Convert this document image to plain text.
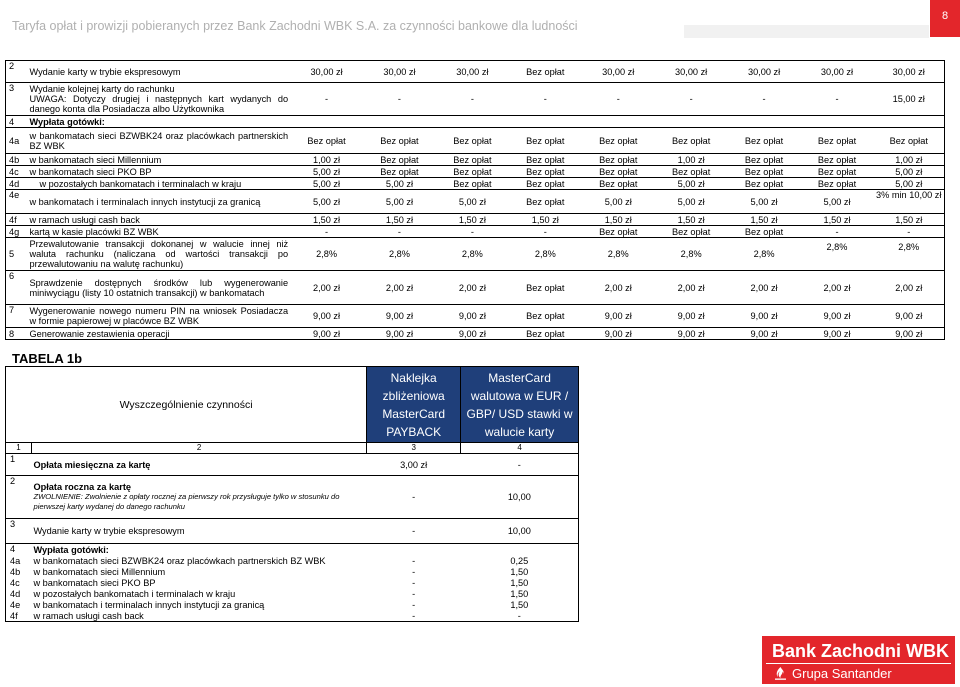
Taryfa opłat i prowizji pobieranych przez Bank Zachodni WBK S.A. za czynności bankowe dla ludności
8
2	Wydanie karty w trybie ekspresowym	30,00 zł	30,00 zł	30,00 zł	Bez opłat	30,00 zł	30,00 zł	30,00 zł	30,00 zł	30,00 zł
3	Wydanie kolejnej karty do rachunku
UWAGA: Dotyczy drugiej i następnych kart wydanych do danego konta dla Posiadacza albo Użytkownika	-	-	-	-	-	-	-	-	15,00 zł
4	Wypłata gotówki:									
4a	w bankomatach sieci BZWBK24 oraz placówkach partnerskich BZ WBK	Bez opłat	Bez opłat	Bez opłat	Bez opłat	Bez opłat	Bez opłat	Bez opłat	Bez opłat	Bez opłat
4b	w bankomatach sieci Millennium	1,00 zł	Bez opłat	Bez opłat	Bez opłat	Bez opłat	1,00 zł	Bez opłat	Bez opłat	1,00 zł
4c	w bankomatach sieci PKO BP	5,00 zł	Bez opłat	Bez opłat	Bez opłat	Bez opłat	Bez opłat	Bez opłat	Bez opłat	5,00 zł
4d	w pozostałych bankomatach i terminalach w kraju	5,00 zł	5,00 zł	Bez opłat	Bez opłat	Bez opłat	5,00 zł	Bez opłat	Bez opłat	5,00 zł
4e	w bankomatach i terminalach innych instytucji za granicą	5,00 zł	5,00 zł	5,00 zł	Bez opłat	5,00 zł	5,00 zł	5,00 zł	5,00 zł	3% min 10,00 zł
4f	w ramach usługi cash back	1,50 zł	1,50 zł	1,50 zł	1,50 zł	1,50 zł	1,50 zł	1,50 zł	1,50 zł	1,50 zł
4g	kartą w kasie placówki BZ WBK	-	-	-	-	Bez opłat	Bez opłat	Bez opłat	-	-
5	Przewalutowanie transakcji dokonanej w walucie innej niż waluta rachunku (naliczana od wartości transakcji po przewalutowaniu na walutę rachunku)	2,8%	2,8%	2,8%	2,8%	2,8%	2,8%	2,8%	2,8%	2,8%
6	Sprawdzenie dostępnych środków lub wygenerowanie miniwyciągu (listy 10 ostatnich transakcji) w bankomatach	2,00 zł	2,00 zł	2,00 zł	Bez opłat	2,00 zł	2,00 zł	2,00 zł	2,00 zł	2,00 zł
7	Wygenerowanie nowego numeru PIN na wniosek Posiadacza w formie papierowej w placówce BZ WBK	9,00 zł	9,00 zł	9,00 zł	Bez opłat	9,00 zł	9,00 zł	9,00 zł	9,00 zł	9,00 zł
8	Generowanie zestawienia operacji	9,00 zł	9,00 zł	9,00 zł	Bez opłat	9,00 zł	9,00 zł	9,00 zł	9,00 zł	9,00 zł
TABELA 1b
Wyszczególnienie czynności		Naklejka zbliżeniowa MasterCard PAYBACK	MasterCard walutowa w EUR / GBP/ USD stawki w walucie karty
1	2	3	4
1	Opłata miesięczna za kartę	3,00 zł	-
2	Opłata roczna za kartę
ZWOLNIENIE: Zwolnienie z opłaty rocznej za pierwszy rok przysługuje tylko w stosunku do pierwszej karty wydanej do danego rachunku	-	10,00
3	Wydanie karty w trybie ekspresowym	-	10,00
4	Wypłata gotówki:		
4a	w bankomatach sieci BZWBK24 oraz placówkach partnerskich BZ WBK	-	0,25
4b	w bankomatach sieci Millennium	-	1,50
4c	w bankomatach sieci PKO BP	-	1,50
4d	w pozostałych bankomatach i terminalach w kraju	-	1,50
4e	w bankomatach i terminalach innych instytucji za granicą	-	1,50
4f	w ramach usługi cash back	-	-
Bank Zachodni WBK
Grupa Santander
